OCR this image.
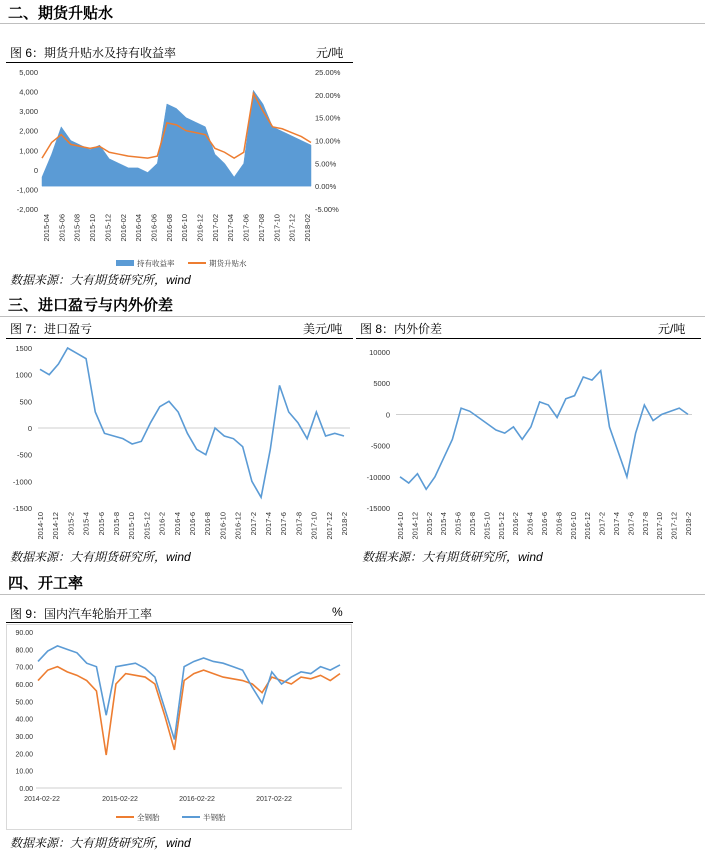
二、期货升贴水
图 6：期货升贴水及持有收益率	元/吨
5,000
4,000
3,000
2,000
1,000
0
-1,000
-2,000
25.00%
20.00%
15.00%
10.00%
5.00%
0.00%
-5.00%
2015-04 2015-06 2015-08 2015-10 2015-12 2016-02 2016-04 2016-06 2016-08 2016-10 2016-12 2017-02 2017-04 2017-06 2017-08 2017-10 2017-12 2018-02
持有收益率	期货升贴水
数据来源：大有期货研究所，wind
三、进口盈亏与内外价差
图 7：进口盈亏	美元/吨
1500
1000
500
0
-500
-1000
-1500
2014-10 2014-12 2015-2 2015-4 2015-6 2015-8 2015-10 2015-12 2016-2 2016-4 2016-6 2016-8 2016-10 2016-12 2017-2 2017-4 2017-6 2017-8 2017-10 2017-12 2018-2
数据来源：大有期货研究所，wind
图 8：内外价差	元/吨
10000
5000
0
-5000
-10000
-15000
2014-10 2014-12 2015-2 2015-4 2015-6 2015-8 2015-10 2015-12 2016-2 2016-4 2016-6 2016-8 2016-10 2016-12 2017-2 2017-4 2017-6 2017-8 2017-10 2017-12 2018-2
数据来源：大有期货研究所，wind
四、开工率
图 9：国内汽车轮胎开工率	%
90.00
80.00
70.00
60.00
50.00
40.00
30.00
20.00
10.00
0.00
2014-02-22	2015-02-22	2016-02-22	2017-02-22
全钢胎	半钢胎
数据来源：大有期货研究所，wind
